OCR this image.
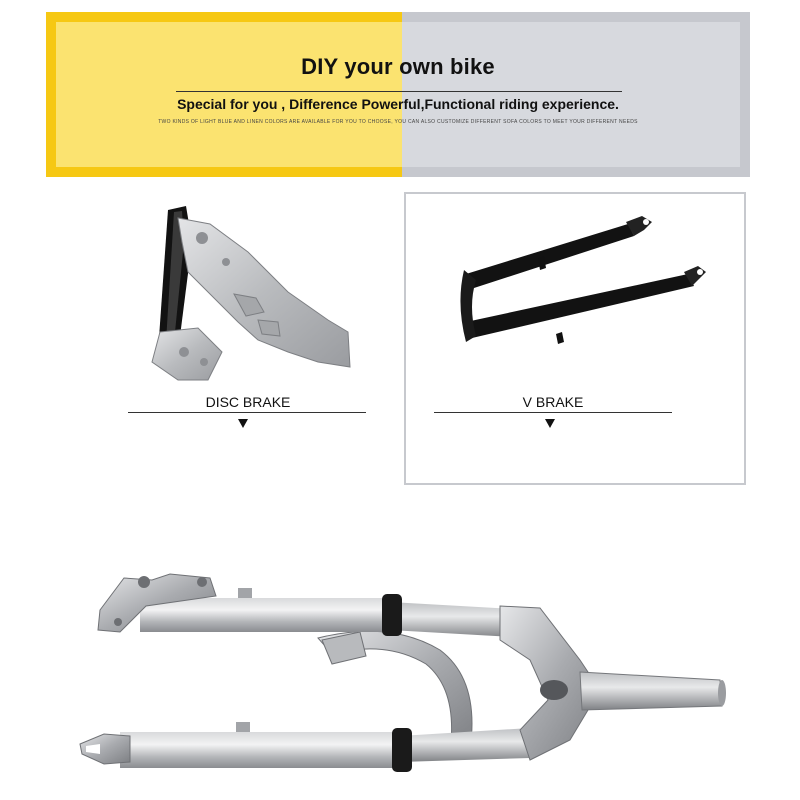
DIY your own bike
Special for you , Difference Powerful,Functional riding experience.
TWO KINDS OF LIGHT BLUE AND LINEN COLORS ARE AVAILABLE FOR YOU TO CHOOSE, YOU CAN ALSO CUSTOMIZE DIFFERENT SOFA COLORS TO MEET YOUR DIFFERENT NEEDS
DISC BRAKE	V BRAKE
